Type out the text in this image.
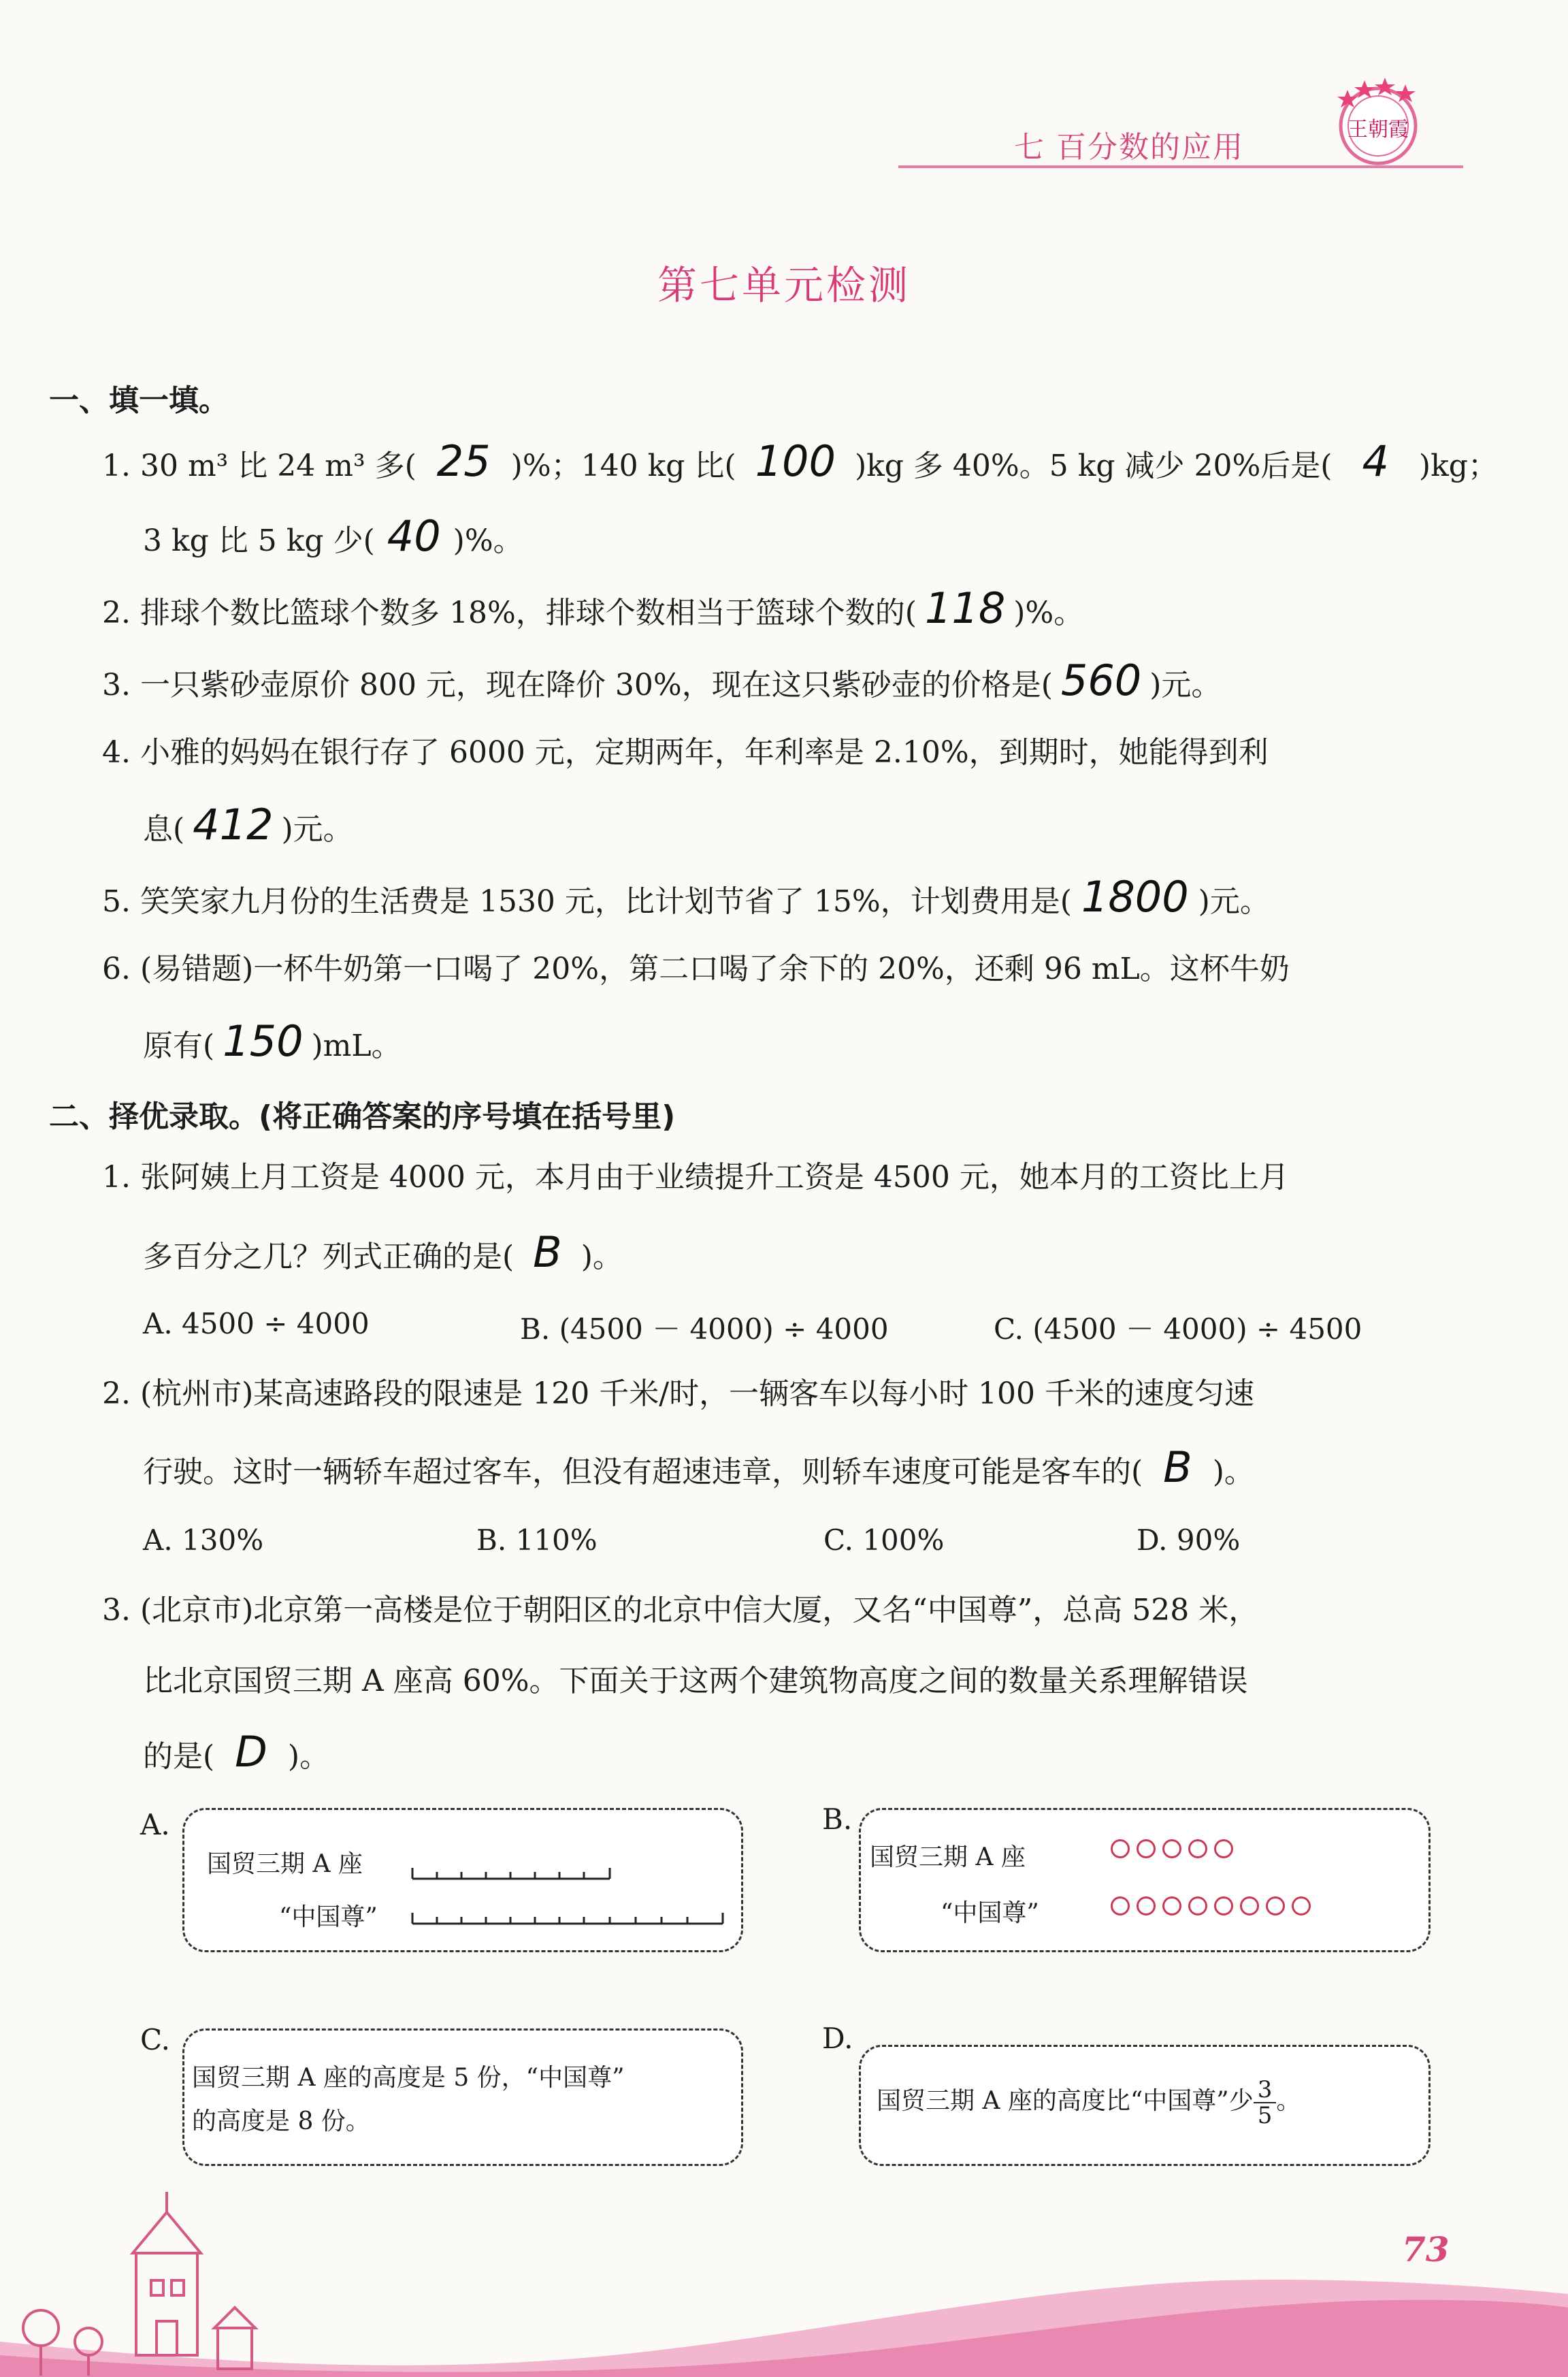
七 百分数的应用
王朝霞
第七单元检测
一、填一填。
1. 30 m³ 比 24 m³ 多( 25 )%；140 kg 比( 100 )kg 多 40%。5 kg 减少 20%后是( 4 )kg；
3 kg 比 5 kg 少( 40 )%。
2. 排球个数比篮球个数多 18%，排球个数相当于篮球个数的( 118 )%。
3. 一只紫砂壶原价 800 元，现在降价 30%，现在这只紫砂壶的价格是( 560 )元。
4. 小雅的妈妈在银行存了 6000 元，定期两年，年利率是 2.10%，到期时，她能得到利
息( 412 )元。
5. 笑笑家九月份的生活费是 1530 元，比计划节省了 15%，计划费用是( 1800 )元。
6. (易错题)一杯牛奶第一口喝了 20%，第二口喝了余下的 20%，还剩 96 mL。这杯牛奶
原有( 150 )mL。
二、择优录取。(将正确答案的序号填在括号里)
1. 张阿姨上月工资是 4000 元，本月由于业绩提升工资是 4500 元，她本月的工资比上月
多百分之几？列式正确的是( B )。
A. 4500 ÷ 4000	B. (4500 － 4000) ÷ 4000	C. (4500 － 4000) ÷ 4500
2. (杭州市)某高速路段的限速是 120 千米/时，一辆客车以每小时 100 千米的速度匀速
行驶。这时一辆轿车超过客车，但没有超速违章，则轿车速度可能是客车的( B )。
A. 130%	B. 110%	C. 100%	D. 90%
3. (北京市)北京第一高楼是位于朝阳区的北京中信大厦，又名“中国尊”，总高 528 米，
比北京国贸三期 A 座高 60%。下面关于这两个建筑物高度之间的数量关系理解错误
的是( D )。
A.
国贸三期 A 座
“中国尊”
B.
国贸三期 A 座
“中国尊”
C.
国贸三期 A 座的高度是 5 份，“中国尊”
的高度是 8 份。
D.
国贸三期 A 座的高度比“中国尊”少 $\frac{3}{5}$ 。
73
